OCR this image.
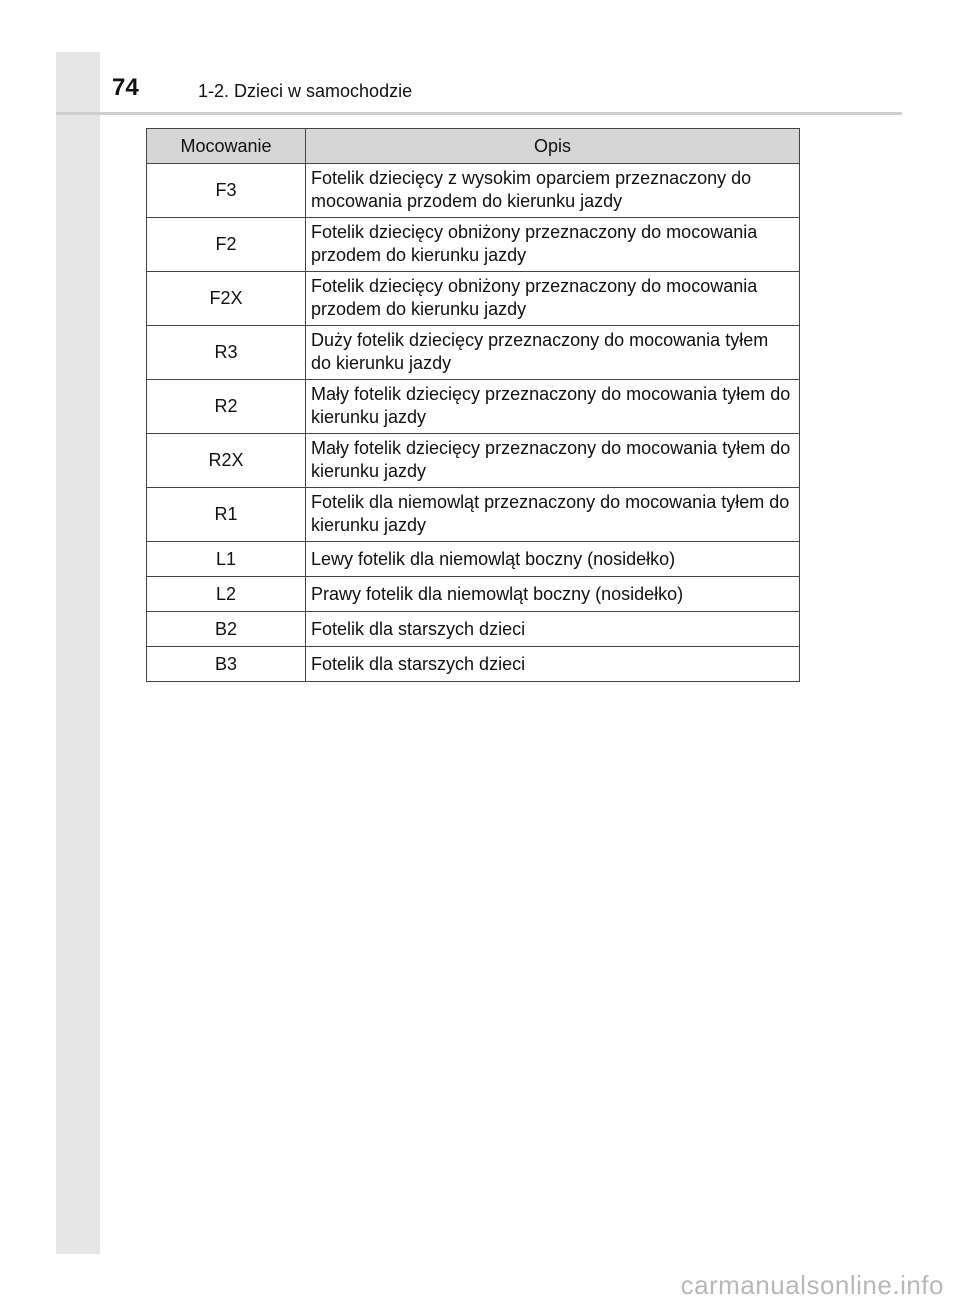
74	1-2. Dzieci w samochodzie
Mocowanie	Opis
F3	Fotelik dziecięcy z wysokim oparciem przeznaczony do mocowania przodem do kierunku jazdy
F2	Fotelik dziecięcy obniżony przeznaczony do mocowania przodem do kierunku jazdy
F2X	Fotelik dziecięcy obniżony przeznaczony do mocowania przodem do kierunku jazdy
R3	Duży fotelik dziecięcy przeznaczony do mocowania tyłem do kierunku jazdy
R2	Mały fotelik dziecięcy przeznaczony do mocowania tyłem do kierunku jazdy
R2X	Mały fotelik dziecięcy przeznaczony do mocowania tyłem do kierunku jazdy
R1	Fotelik dla niemowląt przeznaczony do mocowania tyłem do kierunku jazdy
L1	Lewy fotelik dla niemowląt boczny (nosidełko)
L2	Prawy fotelik dla niemowląt boczny (nosidełko)
B2	Fotelik dla starszych dzieci
B3	Fotelik dla starszych dzieci
carmanualsonline.info
